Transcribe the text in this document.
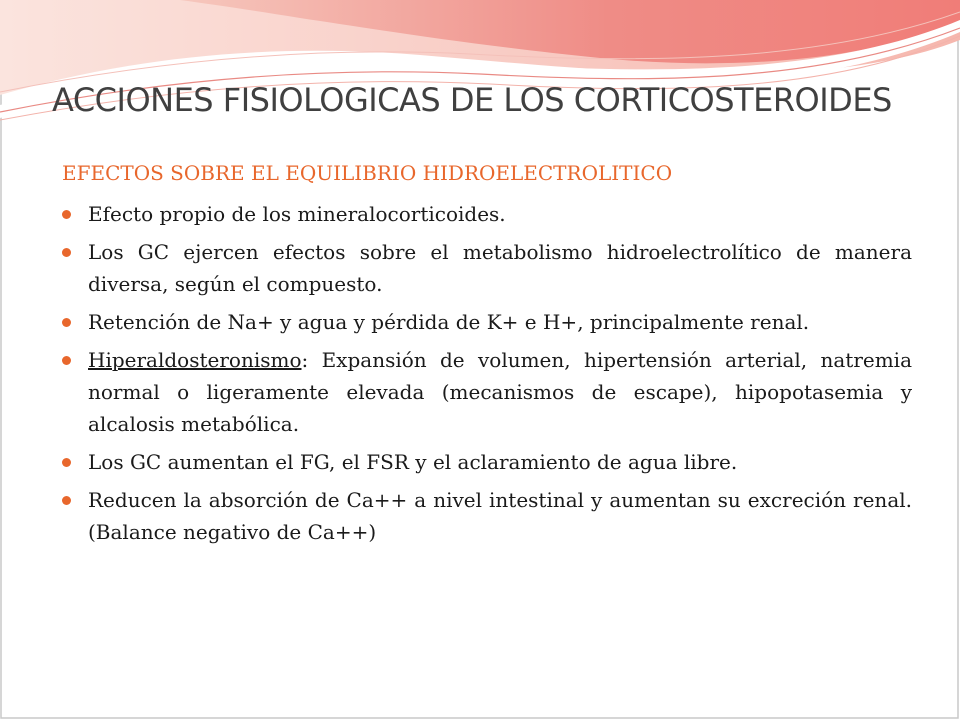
ACCIONES FISIOLOGICAS DE LOS CORTICOSTEROIDES
EFECTOS SOBRE EL EQUILIBRIO HIDROELECTROLITICO
Efecto propio de los mineralocorticoides.
Los GC ejercen efectos sobre el metabolismo hidroelectrolítico de manera diversa, según el compuesto.
Retención de Na+ y agua y pérdida de K+ e H+, principalmente renal.
Hiperaldosteronismo: Expansión de volumen, hipertensión arterial, natremia normal o ligeramente elevada (mecanismos de escape), hipopotasemia y alcalosis metabólica.
Los GC aumentan el FG, el FSR y el aclaramiento de agua libre.
Reducen la absorción de Ca++ a nivel intestinal y aumentan su excreción renal. (Balance negativo de Ca++)
